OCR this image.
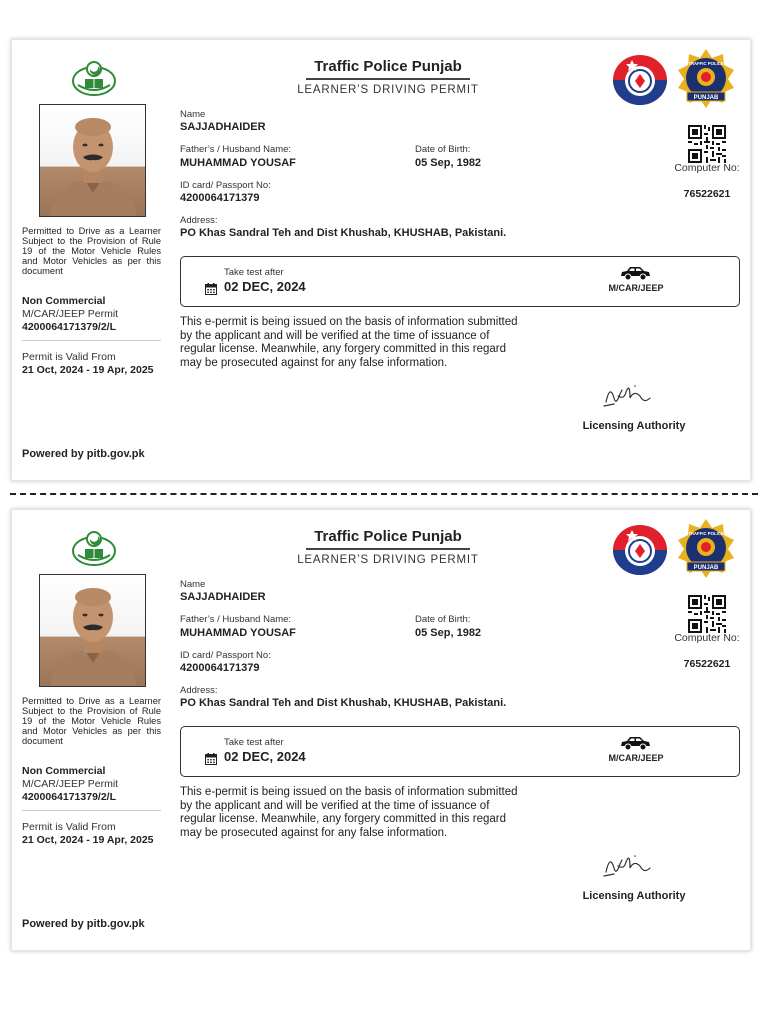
Permitted to Drive as a Learner Subject to the Provision of Rule 19 of the Motor Vehicle Rules and Motor Vehicles as per this document
Non Commercial
M/CAR/JEEP Permit
4200064171379/2/L
Permit is Valid From
21 Oct, 2024 - 19 Apr, 2025
Powered by pitb.gov.pk
Traffic Police Punjab
LEARNER’S DRIVING PERMIT
TRAFFIC POLICE
PUNJAB
Computer No:
76522621
Name
SAJJADHAIDER
Father’s / Husband Name:
MUHAMMAD YOUSAF
Date of Birth:
05 Sep, 1982
ID card/ Passport No:
4200064171379
Address:
PO Khas Sandral Teh and Dist Khushab, KHUSHAB, Pakistani.
Take test after
02 DEC, 2024	M/CAR/JEEP
This e-permit is being issued on the basis of information submitted by the applicant and will be verified at the time of issuance of regular license. Meanwhile, any forgery committed in this regard may be prosecuted against for any false information.
Licensing Authority
Permitted to Drive as a Learner Subject to the Provision of Rule 19 of the Motor Vehicle Rules and Motor Vehicles as per this document
Non Commercial
M/CAR/JEEP Permit
4200064171379/2/L
Permit is Valid From
21 Oct, 2024 - 19 Apr, 2025
Powered by pitb.gov.pk
Traffic Police Punjab
LEARNER’S DRIVING PERMIT
TRAFFIC POLICE
PUNJAB
Computer No:
76522621
Name
SAJJADHAIDER
Father’s / Husband Name:
MUHAMMAD YOUSAF
Date of Birth:
05 Sep, 1982
ID card/ Passport No:
4200064171379
Address:
PO Khas Sandral Teh and Dist Khushab, KHUSHAB, Pakistani.
Take test after
02 DEC, 2024	M/CAR/JEEP
This e-permit is being issued on the basis of information submitted by the applicant and will be verified at the time of issuance of regular license. Meanwhile, any forgery committed in this regard may be prosecuted against for any false information.
Licensing Authority
